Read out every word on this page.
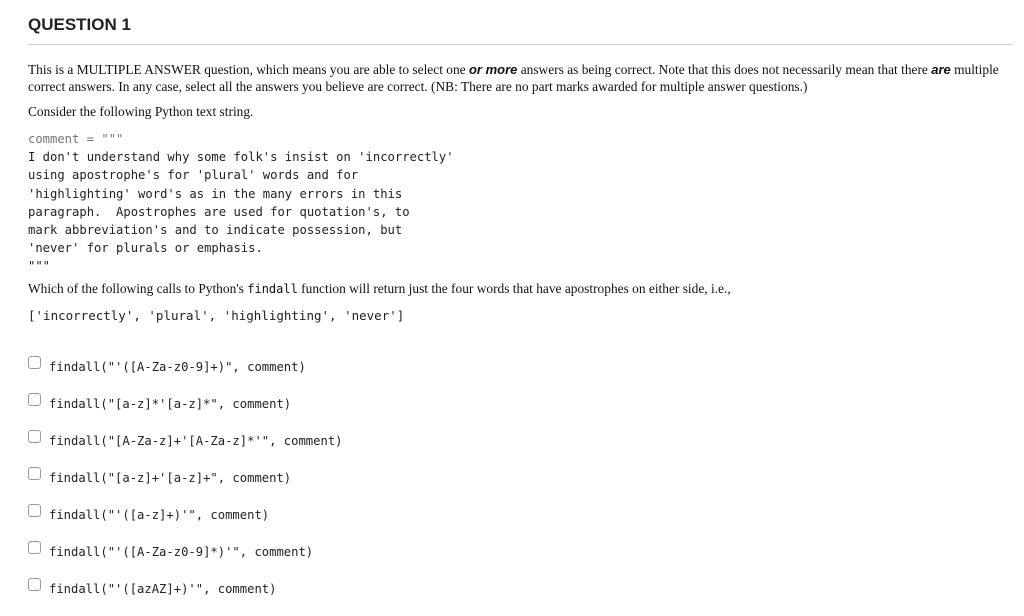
QUESTION 1
This is a MULTIPLE ANSWER question, which means you are able to select one or more answers as being correct. Note that this does not necessarily mean that there are multiple correct answers. In any case, select all the answers you believe are correct. (NB: There are no part marks awarded for multiple answer questions.)
Consider the following Python text string.
comment = """
I don't understand why some folk's insist on 'incorrectly'
using apostrophe's for 'plural' words and for
'highlighting' word's as in the many errors in this
paragraph.  Apostrophes are used for quotation's, to
mark abbreviation's and to indicate possession, but
'never' for plurals or emphasis.
"""
Which of the following calls to Python's findall function will return just the four words that have apostrophes on either side, i.e.,
['incorrectly', 'plural', 'highlighting', 'never']
findall("'([A-Za-z0-9]+)", comment)
findall("[a-z]*'[a-z]*", comment)
findall("[A-Za-z]+'[A-Za-z]*'", comment)
findall("[a-z]+'[a-z]+", comment)
findall("'([a-z]+)'", comment)
findall("'([A-Za-z0-9]*)'", comment)
findall("'([azAZ]+)'", comment)
